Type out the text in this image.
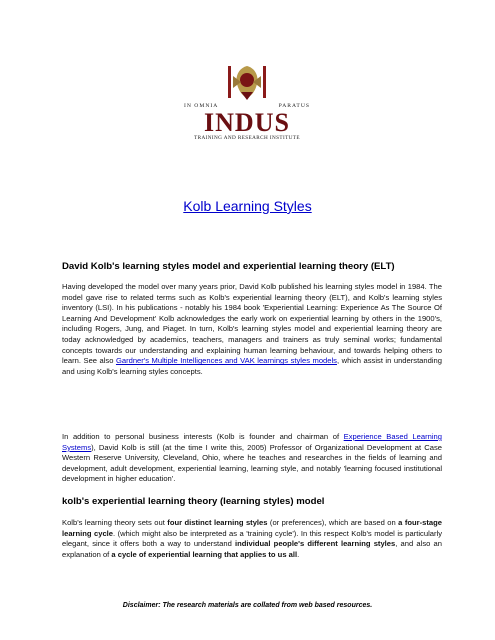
IN OMNIA	PARATUS
INDUS
TRAINING AND RESEARCH INSTITUTE
Kolb Learning Styles
David Kolb's learning styles model and experiential learning theory (ELT)
Having developed the model over many years prior, David Kolb published his learning styles model in 1984. The model gave rise to related terms such as Kolb's experiential learning theory (ELT), and Kolb's learning styles inventory (LSI). In his publications - notably his 1984 book 'Experiential Learning: Experience As The Source Of Learning And Development' Kolb acknowledges the early work on experiential learning by others in the 1900's, including Rogers, Jung, and Piaget. In turn, Kolb's learning styles model and experiential learning theory are today acknowledged by academics, teachers, managers and trainers as truly seminal works; fundamental concepts towards our understanding and explaining human learning behaviour, and towards helping others to learn. See also Gardner's Multiple Intelligences and VAK learnings styles models, which assist in understanding and using Kolb's learning styles concepts.
In addition to personal business interests (Kolb is founder and chairman of Experience Based Learning Systems), David Kolb is still (at the time I write this, 2005) Professor of Organizational Development at Case Western Reserve University, Cleveland, Ohio, where he teaches and researches in the fields of learning and development, adult development, experiential learning, learning style, and notably 'learning focused institutional development in higher education'.
kolb's experiential learning theory (learning styles) model
Kolb's learning theory sets out four distinct learning styles (or preferences), which are based on a four-stage learning cycle. (which might also be interpreted as a 'training cycle'). In this respect Kolb's model is particularly elegant, since it offers both a way to understand individual people's different learning styles, and also an explanation of a cycle of experiential learning that applies to us all.
Disclaimer: The research materials are collated from web based resources.
